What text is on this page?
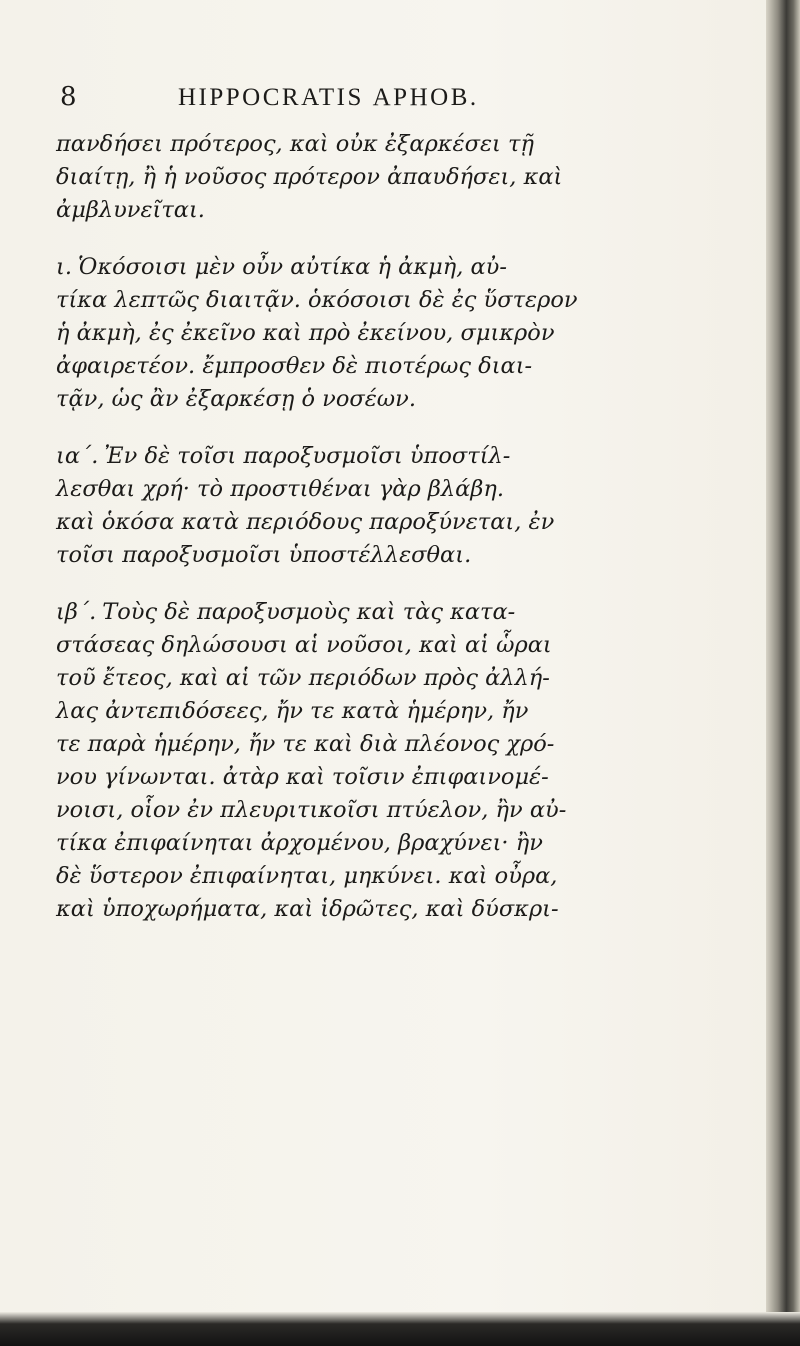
8	HIPPOCRATIS ΑΡΗΟΒ.

πανδήσει πρότερος, καὶ οὐκ ἐξαρκέσει τῇ
διαίτῃ, ἢ ἡ νοῦσος πρότερον ἀπαυδήσει, καὶ
ἀμβλυνεῖται.

ι. Ὁκόσοισι μὲν οὖν αὐτίκα ἡ ἀκμὴ, αὐ-
τίκα λεπτῶς διαιτᾷν. ὁκόσοισι δὲ ἐς ὕστερον
ἡ ἀκμὴ, ἐς ἐκεῖνο καὶ πρὸ ἐκείνου, σμικρὸν
ἀφαιρετέον. ἔμπροσθεν δὲ πιοτέρως διαι-
τᾷν, ὡς ἂν ἐξαρκέσῃ ὁ νοσέων.

ια΄. Ἐν δὲ τοῖσι παροξυσμοῖσι ὑποστίλ-
λεσθαι χρή· τὸ προστιθέναι γὰρ βλάβη.
καὶ ὁκόσα κατὰ περιόδους παροξύνεται, ἐν
τοῖσι παροξυσμοῖσι ὑποστέλλεσθαι.

ιβ΄. Τοὺς δὲ παροξυσμοὺς καὶ τὰς κατα-
στάσεας δηλώσουσι αἱ νοῦσοι, καὶ αἱ ὧραι
τοῦ ἔτεος, καὶ αἱ τῶν περιόδων πρὸς ἀλλή-
λας ἀντεπιδόσεες, ἤν τε κατὰ ἡμέρην, ἤν
τε παρὰ ἡμέρην, ἤν τε καὶ διὰ πλέονος χρό-
νου γίνωνται. ἀτὰρ καὶ τοῖσιν ἐπιφαινομέ-
νοισι, οἷον ἐν πλευριτικοῖσι πτύελον, ἢν αὐ-
τίκα ἐπιφαίνηται ἀρχομένου, βραχύνει· ἢν
δὲ ὕστερον ἐπιφαίνηται, μηκύνει. καὶ οὖρα,
καὶ ὑποχωρήματα, καὶ ἱδρῶτες, καὶ δύσκρι-
